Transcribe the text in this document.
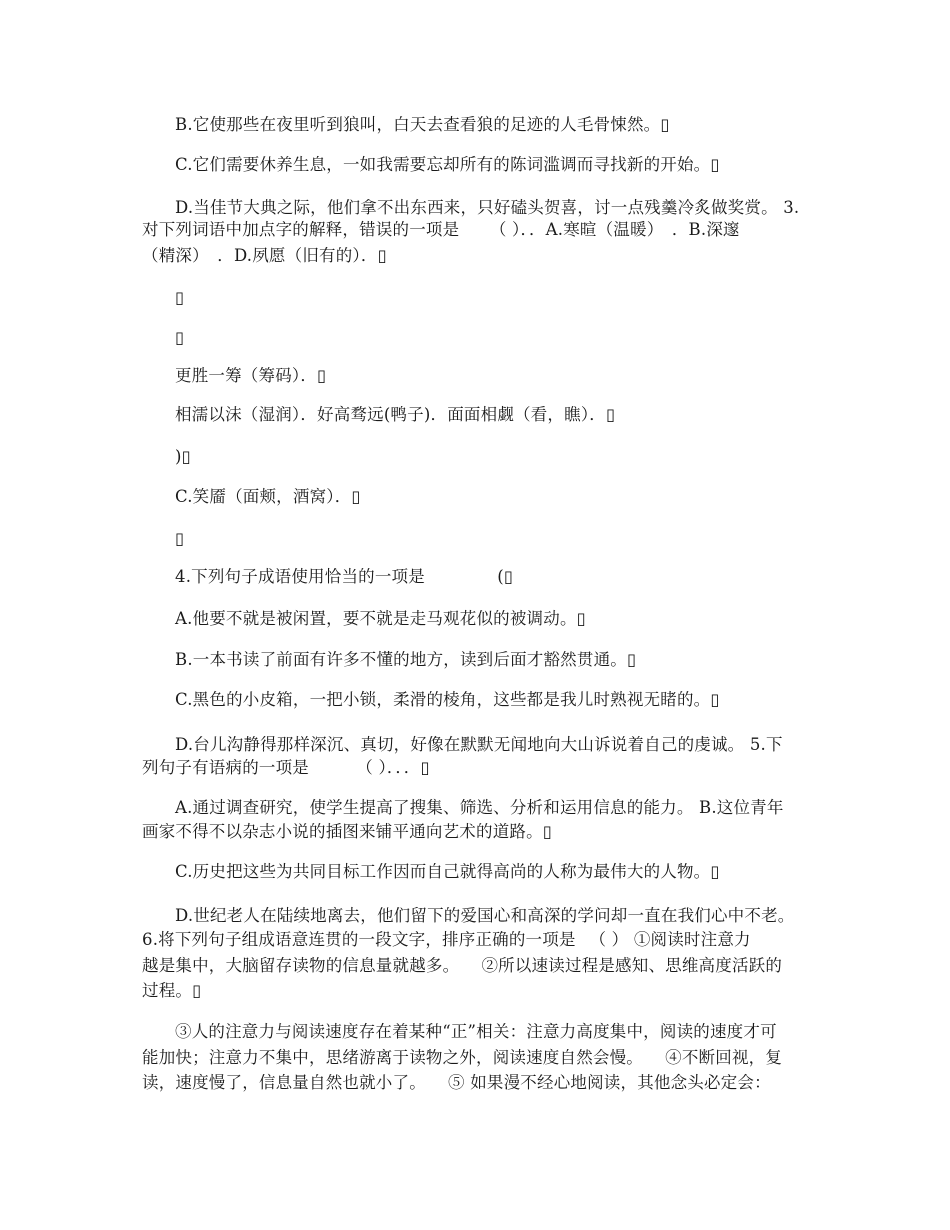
B.它使那些在夜里听到狼叫，白天去查看狼的足迹的人毛骨悚然。▯
C.它们需要休养生息，一如我需要忘却所有的陈词滥调而寻找新的开始。▯
D.当佳节大典之际，他们拿不出东西来，只好磕头贺喜，讨一点残羹冷炙做奖赏。 3.
对下列词语中加点字的解释，错误的一项是 　　（ ）．．A.寒暄（温暖）　．B.深邃
（精深）　．D.夙愿（旧有的）．▯
▯
▯
更胜一筹（筹码）．▯
相濡以沫（湿润）．好高骛远(鸭子)．面面相觑（看，瞧）．▯
)▯
C.笑靥（面颊，酒窝）．▯
▯
4.下列句子成语使用恰当的一项是 　　　　(▯
A.他要不就是被闲置，要不就是走马观花似的被调动。▯
B.一本书读了前面有许多不懂的地方，读到后面才豁然贯通。▯
C.黑色的小皮箱，一把小锁，柔滑的棱角，这些都是我儿时熟视无睹的。▯
D.台儿沟静得那样深沉、真切，好像在默默无闻地向大山诉说着自己的虔诚。 5.下
列句子有语病的一项是 　　　（ ）．．．▯
A.通过调查研究，使学生提高了搜集、筛选、分析和运用信息的能力。 B.这位青年
画家不得不以杂志小说的插图来铺平通向艺术的道路。▯
C.历史把这些为共同目标工作因而自己就得高尚的人称为最伟大的人物。▯
D.世纪老人在陆续地离去，他们留下的爱国心和高深的学问却一直在我们心中不老。
6.将下列句子组成语意连贯的一段文字，排序正确的一项是 　（ ） ①阅读时注意力
越是集中，大脑留存读物的信息量就越多。 　②所以速读过程是感知、思维高度活跃的
过程。▯
③人的注意力与阅读速度存在着某种“正”相关：注意力高度集中，阅读的速度才可
能加快；注意力不集中，思绪游离于读物之外，阅读速度自然会慢。 　④不断回视，复
读，速度慢了，信息量自然也就小了。 　⑤ 如果漫不经心地阅读，其他念头必定会：
